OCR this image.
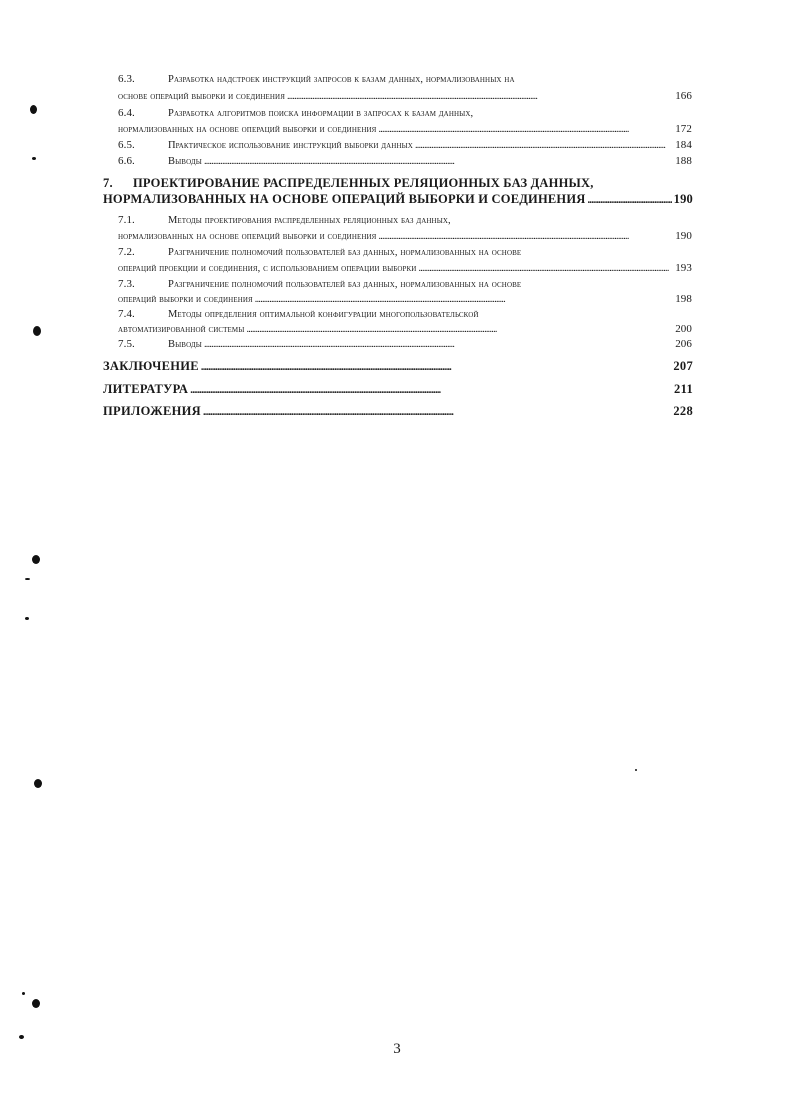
6.3.	Разработка надстроек инструкций запросов к базам данных, нормализованных на
основе операций выборки и соединения . . .	166
6.4.	Разработка алгоритмов поиска информации в запросах к базам данных,
нормализованных на основе операций выборки и соединения . . .	172
6.5.	Практическое использование инструкций выборки данных . . .	184
6.6.	Выводы . . .	188
7.	ПРОЕКТИРОВАНИЕ РАСПРЕДЕЛЕННЫХ РЕЛЯЦИОННЫХ БАЗ ДАННЫХ,
НОРМАЛИЗОВАННЫХ НА ОСНОВЕ ОПЕРАЦИЙ ВЫБОРКИ И СОЕДИНЕНИЯ . . .	190
7.1.	Методы проектирования распределенных реляционных баз данных,
нормализованных на основе операций выборки и соединения . . .	190
7.2.	Разграничение полномочий пользователей баз данных, нормализованных на основе
операций проекции и соединения, с использованием операции выборки . . .	193
7.3.	Разграничение полномочий пользователей баз данных, нормализованных на основе
операций выборки и соединения . . .	198
7.4.	Методы определения оптимальной конфигурации многопользовательской
автоматизированной системы . . .	200
7.5.	Выводы . . .	206
ЗАКЛЮЧЕНИЕ . . .	207
ЛИТЕРАТУРА . . .	211
ПРИЛОЖЕНИЯ . . .	228
3
